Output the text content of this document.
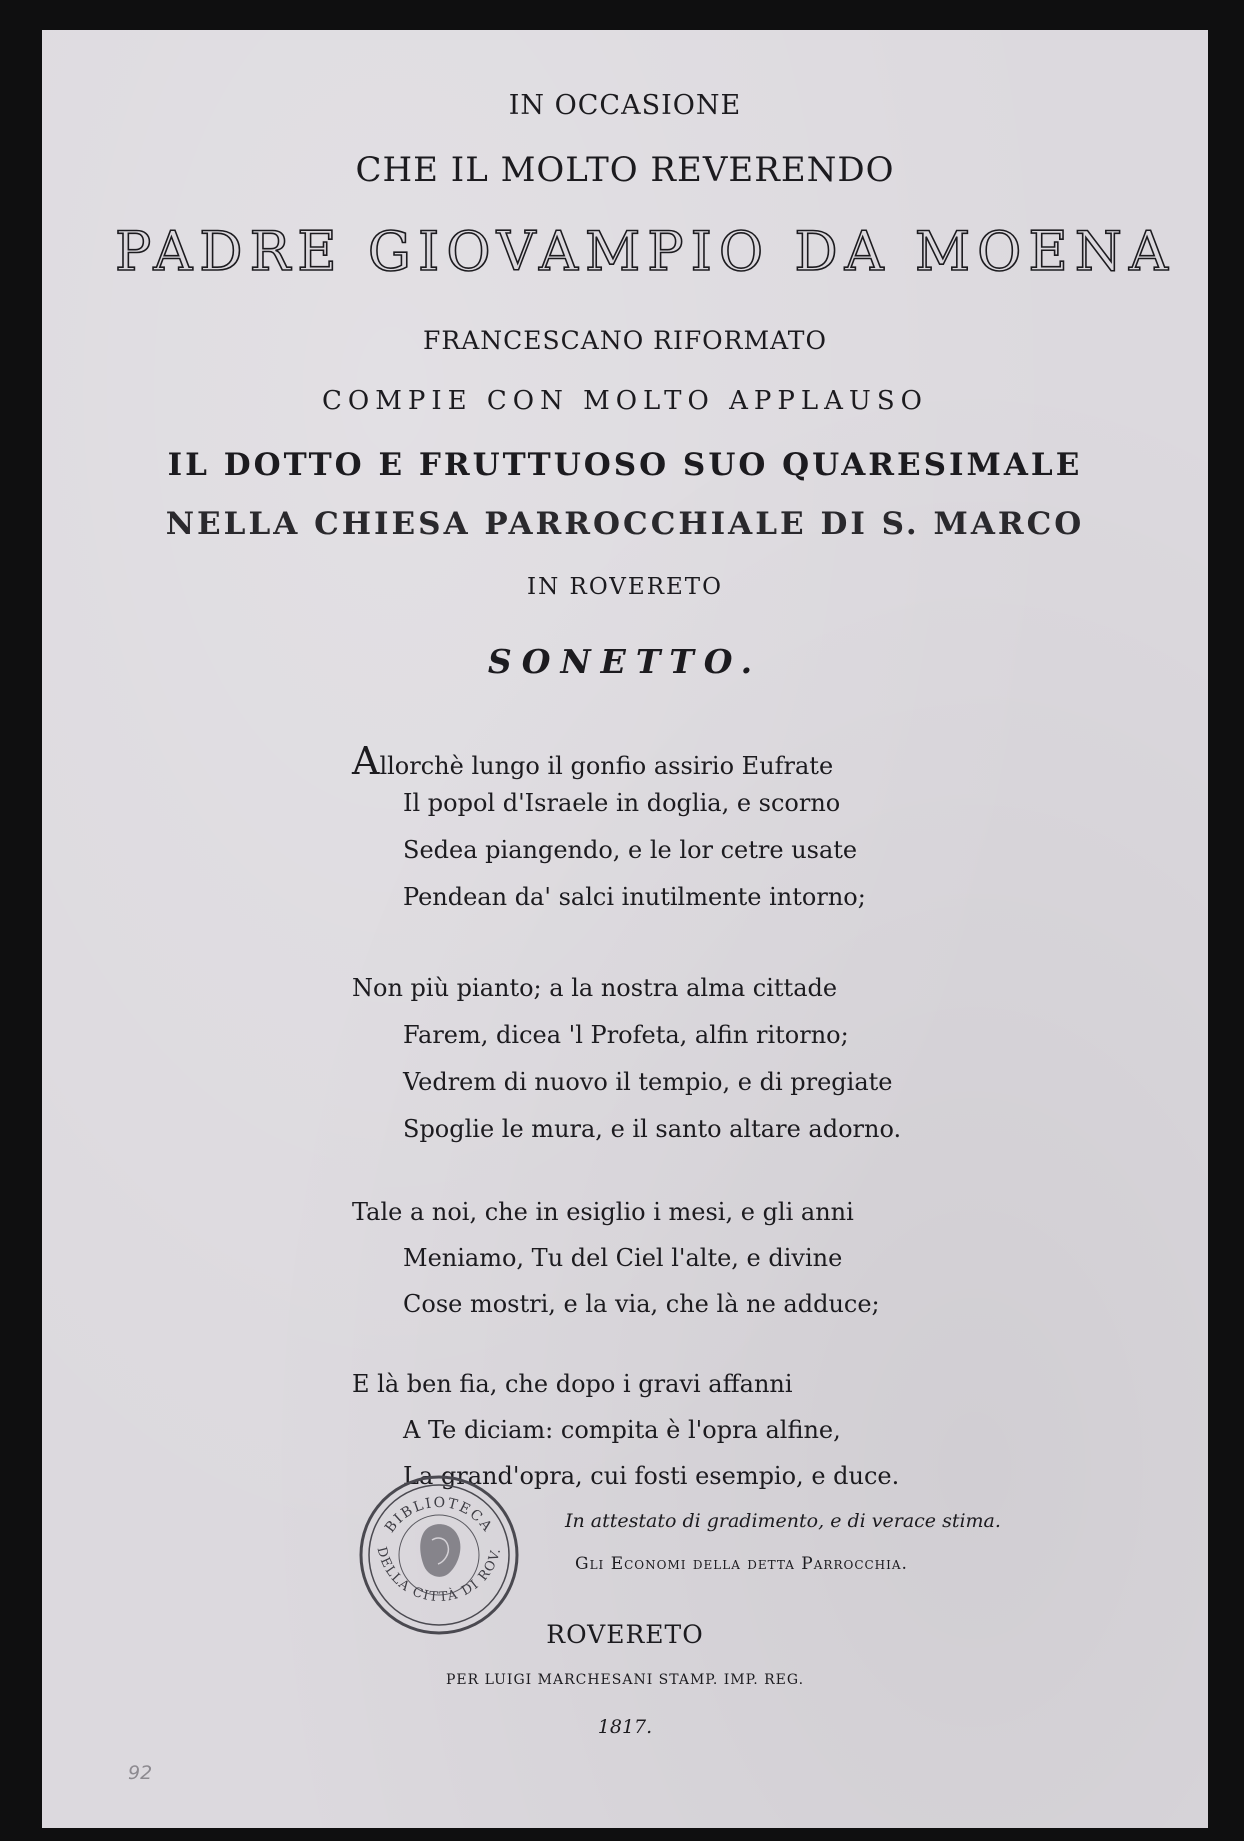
IN OCCASIONE

CHE IL MOLTO REVERENDO

PADRE GIOVAMPIO DA MOENA

FRANCESCANO RIFORMATO

COMPIE CON MOLTO APPLAUSO

IL DOTTO E FRUTTUOSO SUO QUARESIMALE

NELLA CHIESA PARROCCHIALE DI S. MARCO

IN ROVERETO

SONETTO.

Allorchè lungo il gonfio assirio Eufrate
Il popol d'Israele in doglia, e scorno
Sedea piangendo, e le lor cetre usate
Pendean da' salci inutilmente intorno;
Non più pianto; a la nostra alma cittade
Farem, dicea 'l Profeta, alfin ritorno;
Vedrem di nuovo il tempio, e di pregiate
Spoglie le mura, e il santo altare adorno.
Tale a noi, che in esiglio i mesi, e gli anni
Meniamo, Tu del Ciel l'alte, e divine
Cose mostri, e la via, che là ne adduce;
E là ben fia, che dopo i gravi affanni
A Te diciam: compita è l'opra alfine,
La grand'opra, cui fosti esempio, e duce.
BIBLIOTECA
DELLA CITTÀ DI ROV.
In attestato di gradimento, e di verace stima.
Gli Economi della detta Parrocchia.
ROVERETO
PER LUIGI MARCHESANI STAMP. IMP. REG.
1817.
92
